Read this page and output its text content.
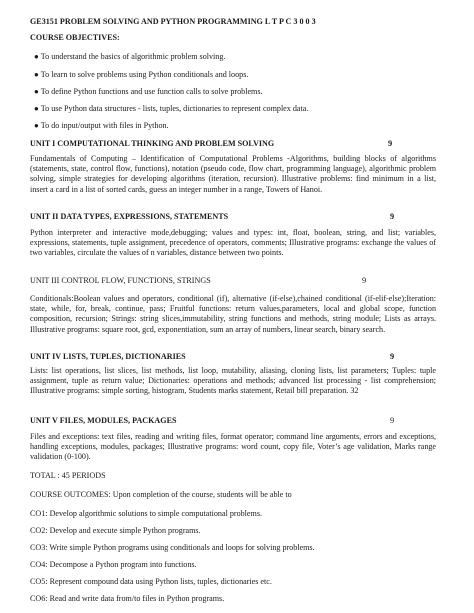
GE3151 PROBLEM SOLVING AND PYTHON PROGRAMMING L T P C 3 0 0 3
COURSE OBJECTIVES:
● To understand the basics of algorithmic problem solving.
● To learn to solve problems using Python conditionals and loops.
● To define Python functions and use function calls to solve problems.
● To use Python data structures - lists, tuples, dictionaries to represent complex data.
● To do input/output with files in Python.
UNIT I COMPUTATIONAL THINKING AND PROBLEM SOLVING	9
Fundamentals of Computing – Identification of Computational Problems -Algorithms, building blocks of algorithms (statements, state, control flow, functions), notation (pseudo code, flow chart, programming language), algorithmic problem solving, simple strategies for developing algorithms (iteration, recursion). Illustrative problems: find minimum in a list, insert a card in a list of sorted cards, guess an integer number in a range, Towers of Hanoi.
UNIT II DATA TYPES, EXPRESSIONS, STATEMENTS	9
Python interpreter and interactive mode,debugging; values and types: int, float, boolean, string, and list; variables, expressions, statements, tuple assignment, precedence of operators, comments; Illustrative programs: exchange the values of two variables, circulate the values of n variables, distance between two points.
UNIT III CONTROL FLOW, FUNCTIONS, STRINGS	9
Conditionals:Boolean values and operators, conditional (if), alternative (if-else),chained conditional (if-elif-else);Iteration: state, while, for, break, continue, pass; Fruitful functions: return values,parameters, local and global scope, function composition, recursion; Strings: string slices,immutability, string functions and methods, string module; Lists as arrays. Illustrative programs: square root, gcd, exponentiation, sum an array of numbers, linear search, binary search.
UNIT IV LISTS, TUPLES, DICTIONARIES	9
Lists: list operations, list slices, list methods, list loop, mutability, aliasing, cloning lists, list parameters; Tuples: tuple assignment, tuple as return value; Dictionaries: operations and methods; advanced list processing - list comprehension; Illustrative programs: simple sorting, histogram, Students marks statement, Retail bill preparation. 32
UNIT V FILES, MODULES, PACKAGES	9
Files and exceptions: text files, reading and writing files, format operator; command line arguments, errors and exceptions, handling exceptions, modules, packages; Illustrative programs: word count, copy file, Voter’s age validation, Marks range validation (0-100).
TOTAL : 45 PERIODS
COURSE OUTCOMES: Upon completion of the course, students will be able to
CO1: Develop algorithmic solutions to simple computational problems.
CO2: Develop and execute simple Python programs.
CO3: Write simple Python programs using conditionals and loops for solving problems.
CO4: Decompose a Python program into functions.
CO5: Represent compound data using Python lists, tuples, dictionaries etc.
CO6: Read and write data from/to files in Python programs.
